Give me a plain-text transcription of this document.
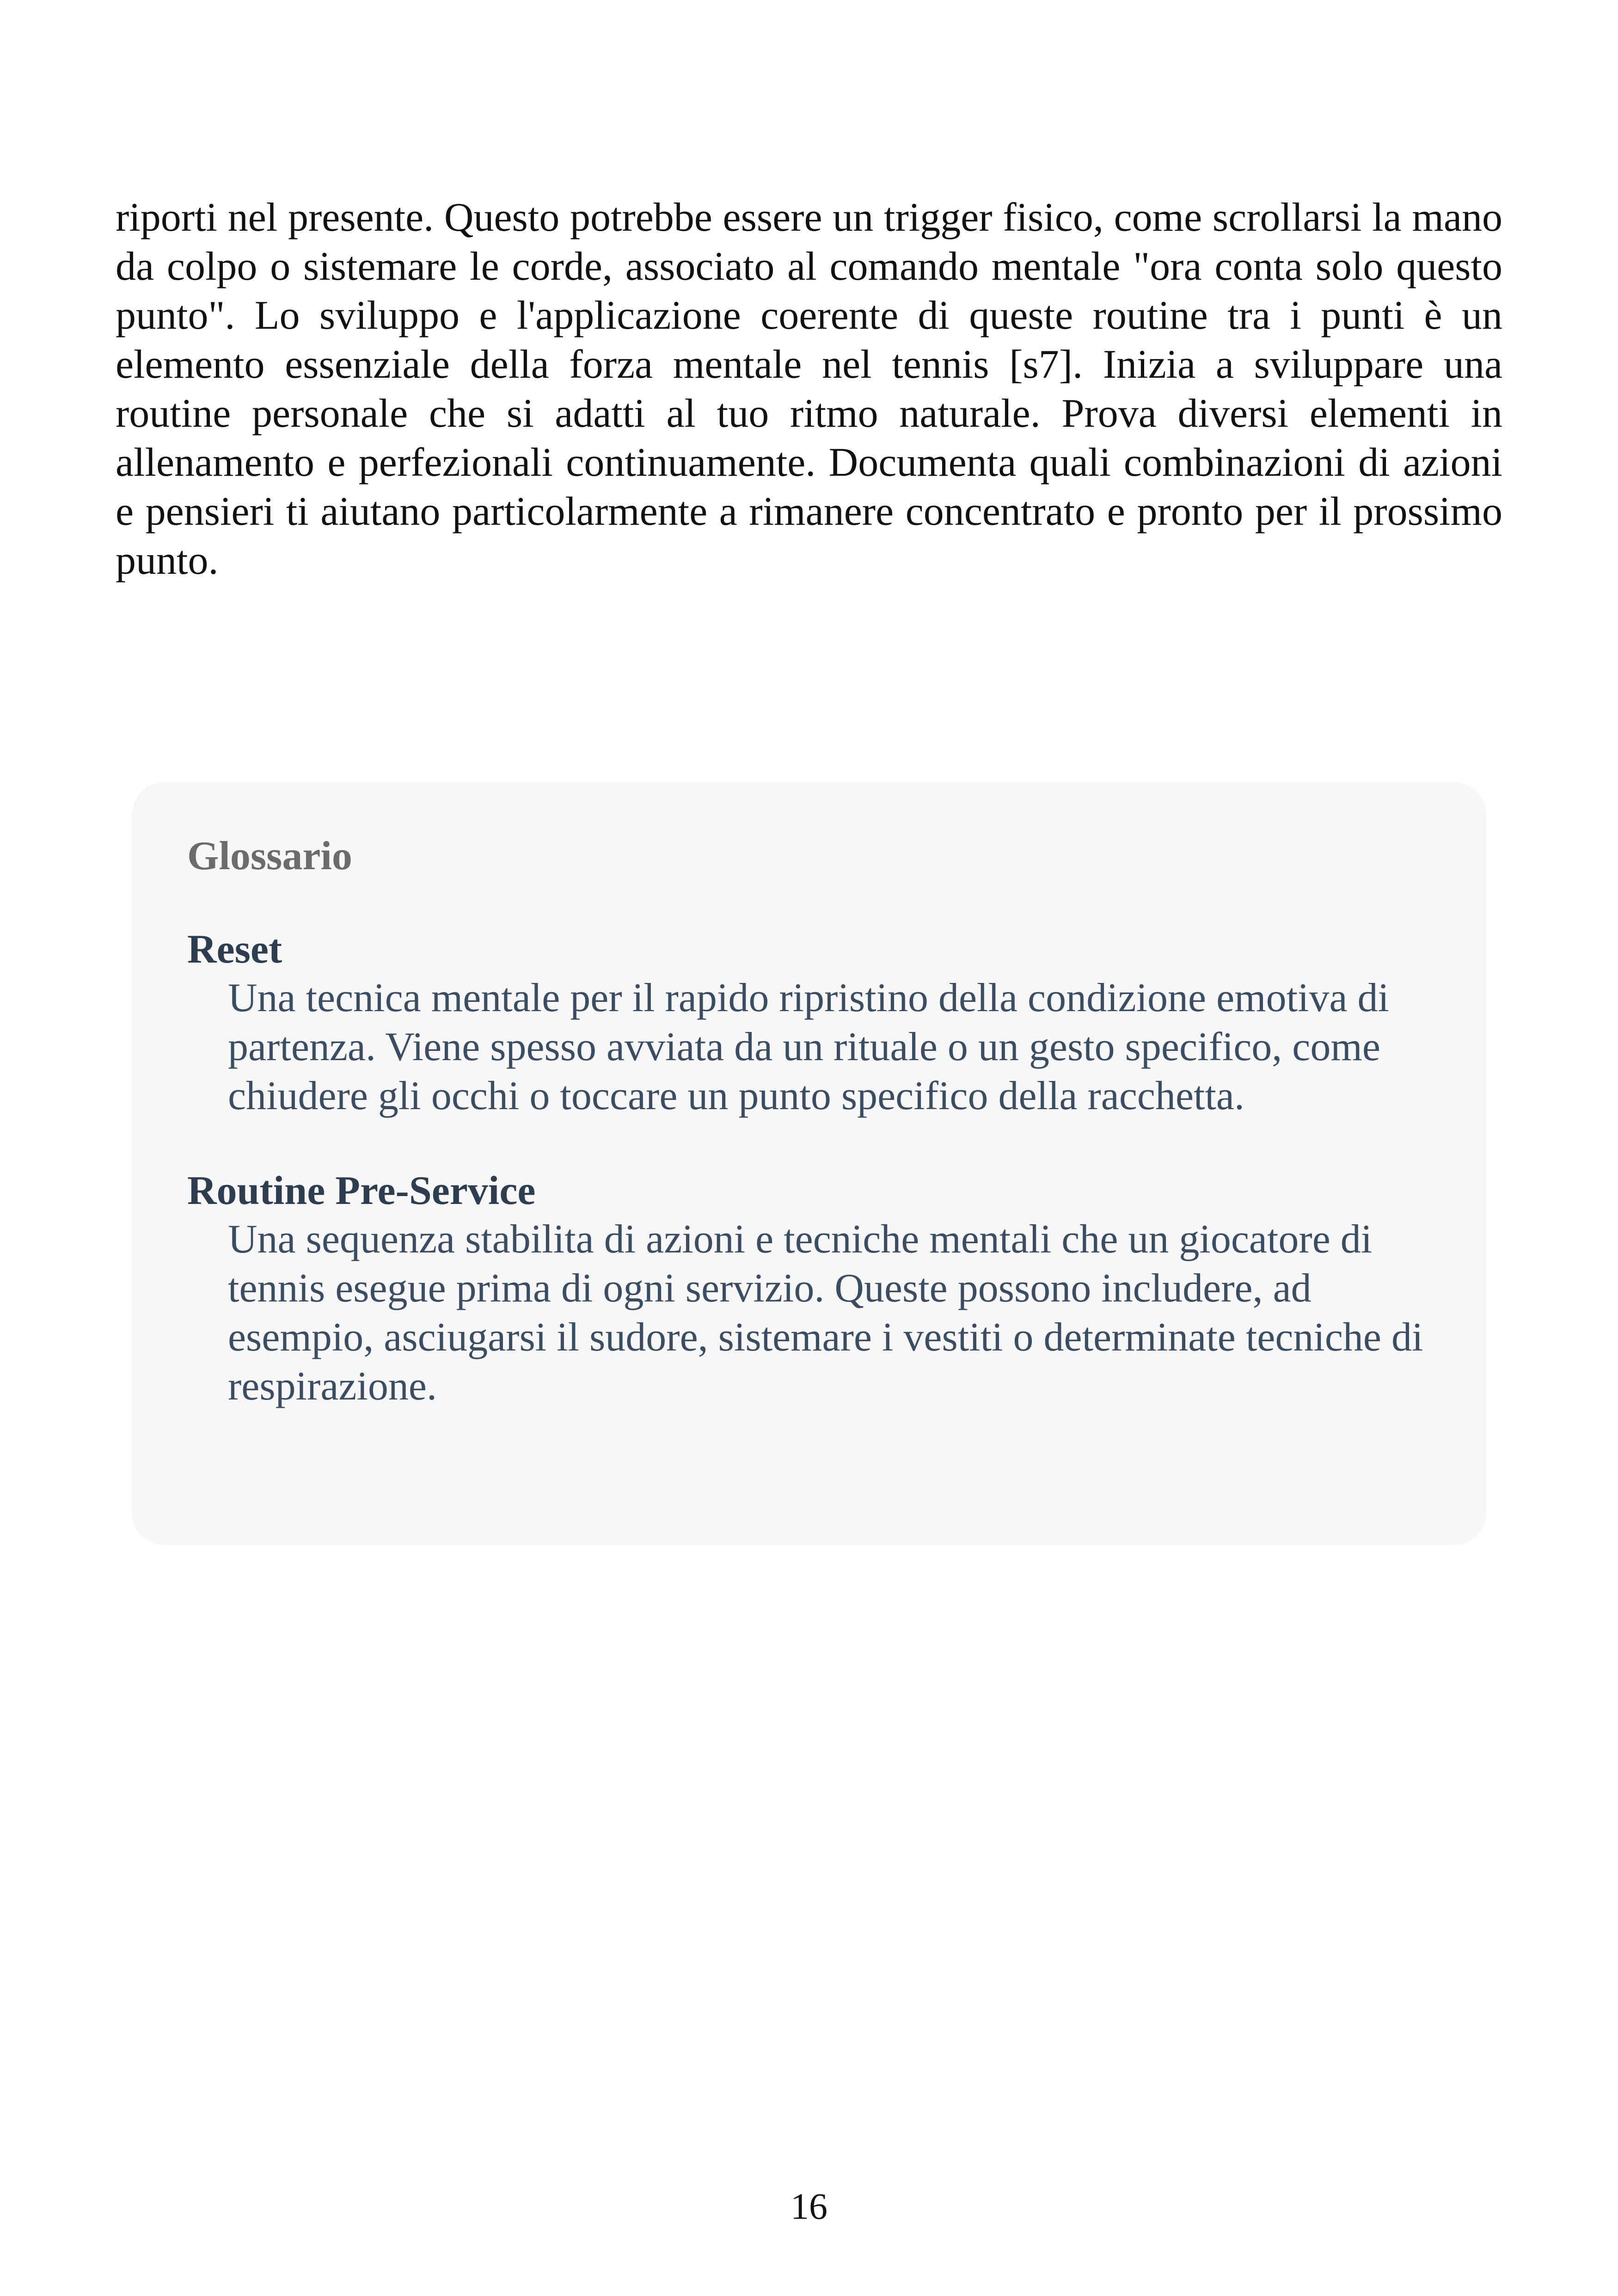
riporti nel presente. Questo potrebbe essere un trigger fisico, come scrollarsi la mano da colpo o sistemare le corde, associato al comando mentale "ora conta solo questo punto". Lo sviluppo e l'applicazione coerente di queste routine tra i punti è un elemento essenziale della forza mentale nel tennis [s7]. Inizia a sviluppare una routine personale che si adatti al tuo ritmo naturale. Prova diversi elementi in allenamento e perfezionali continuamente. Documenta quali combinazioni di azioni e pensieri ti aiutano particolarmente a rimanere concentrato e pronto per il prossimo punto.

Glossario
Reset
Una tecnica mentale per il rapido ripristino della condizione emotiva di partenza. Viene spesso avviata da un rituale o un gesto specifico, come chiudere gli occhi o toccare un punto specifico della racchetta.
Routine Pre-Service
Una sequenza stabilita di azioni e tecniche mentali che un giocatore di tennis esegue prima di ogni servizio. Queste possono includere, ad esempio, asciugarsi il sudore, sistemare i vestiti o determinate tecniche di respirazione.
16
